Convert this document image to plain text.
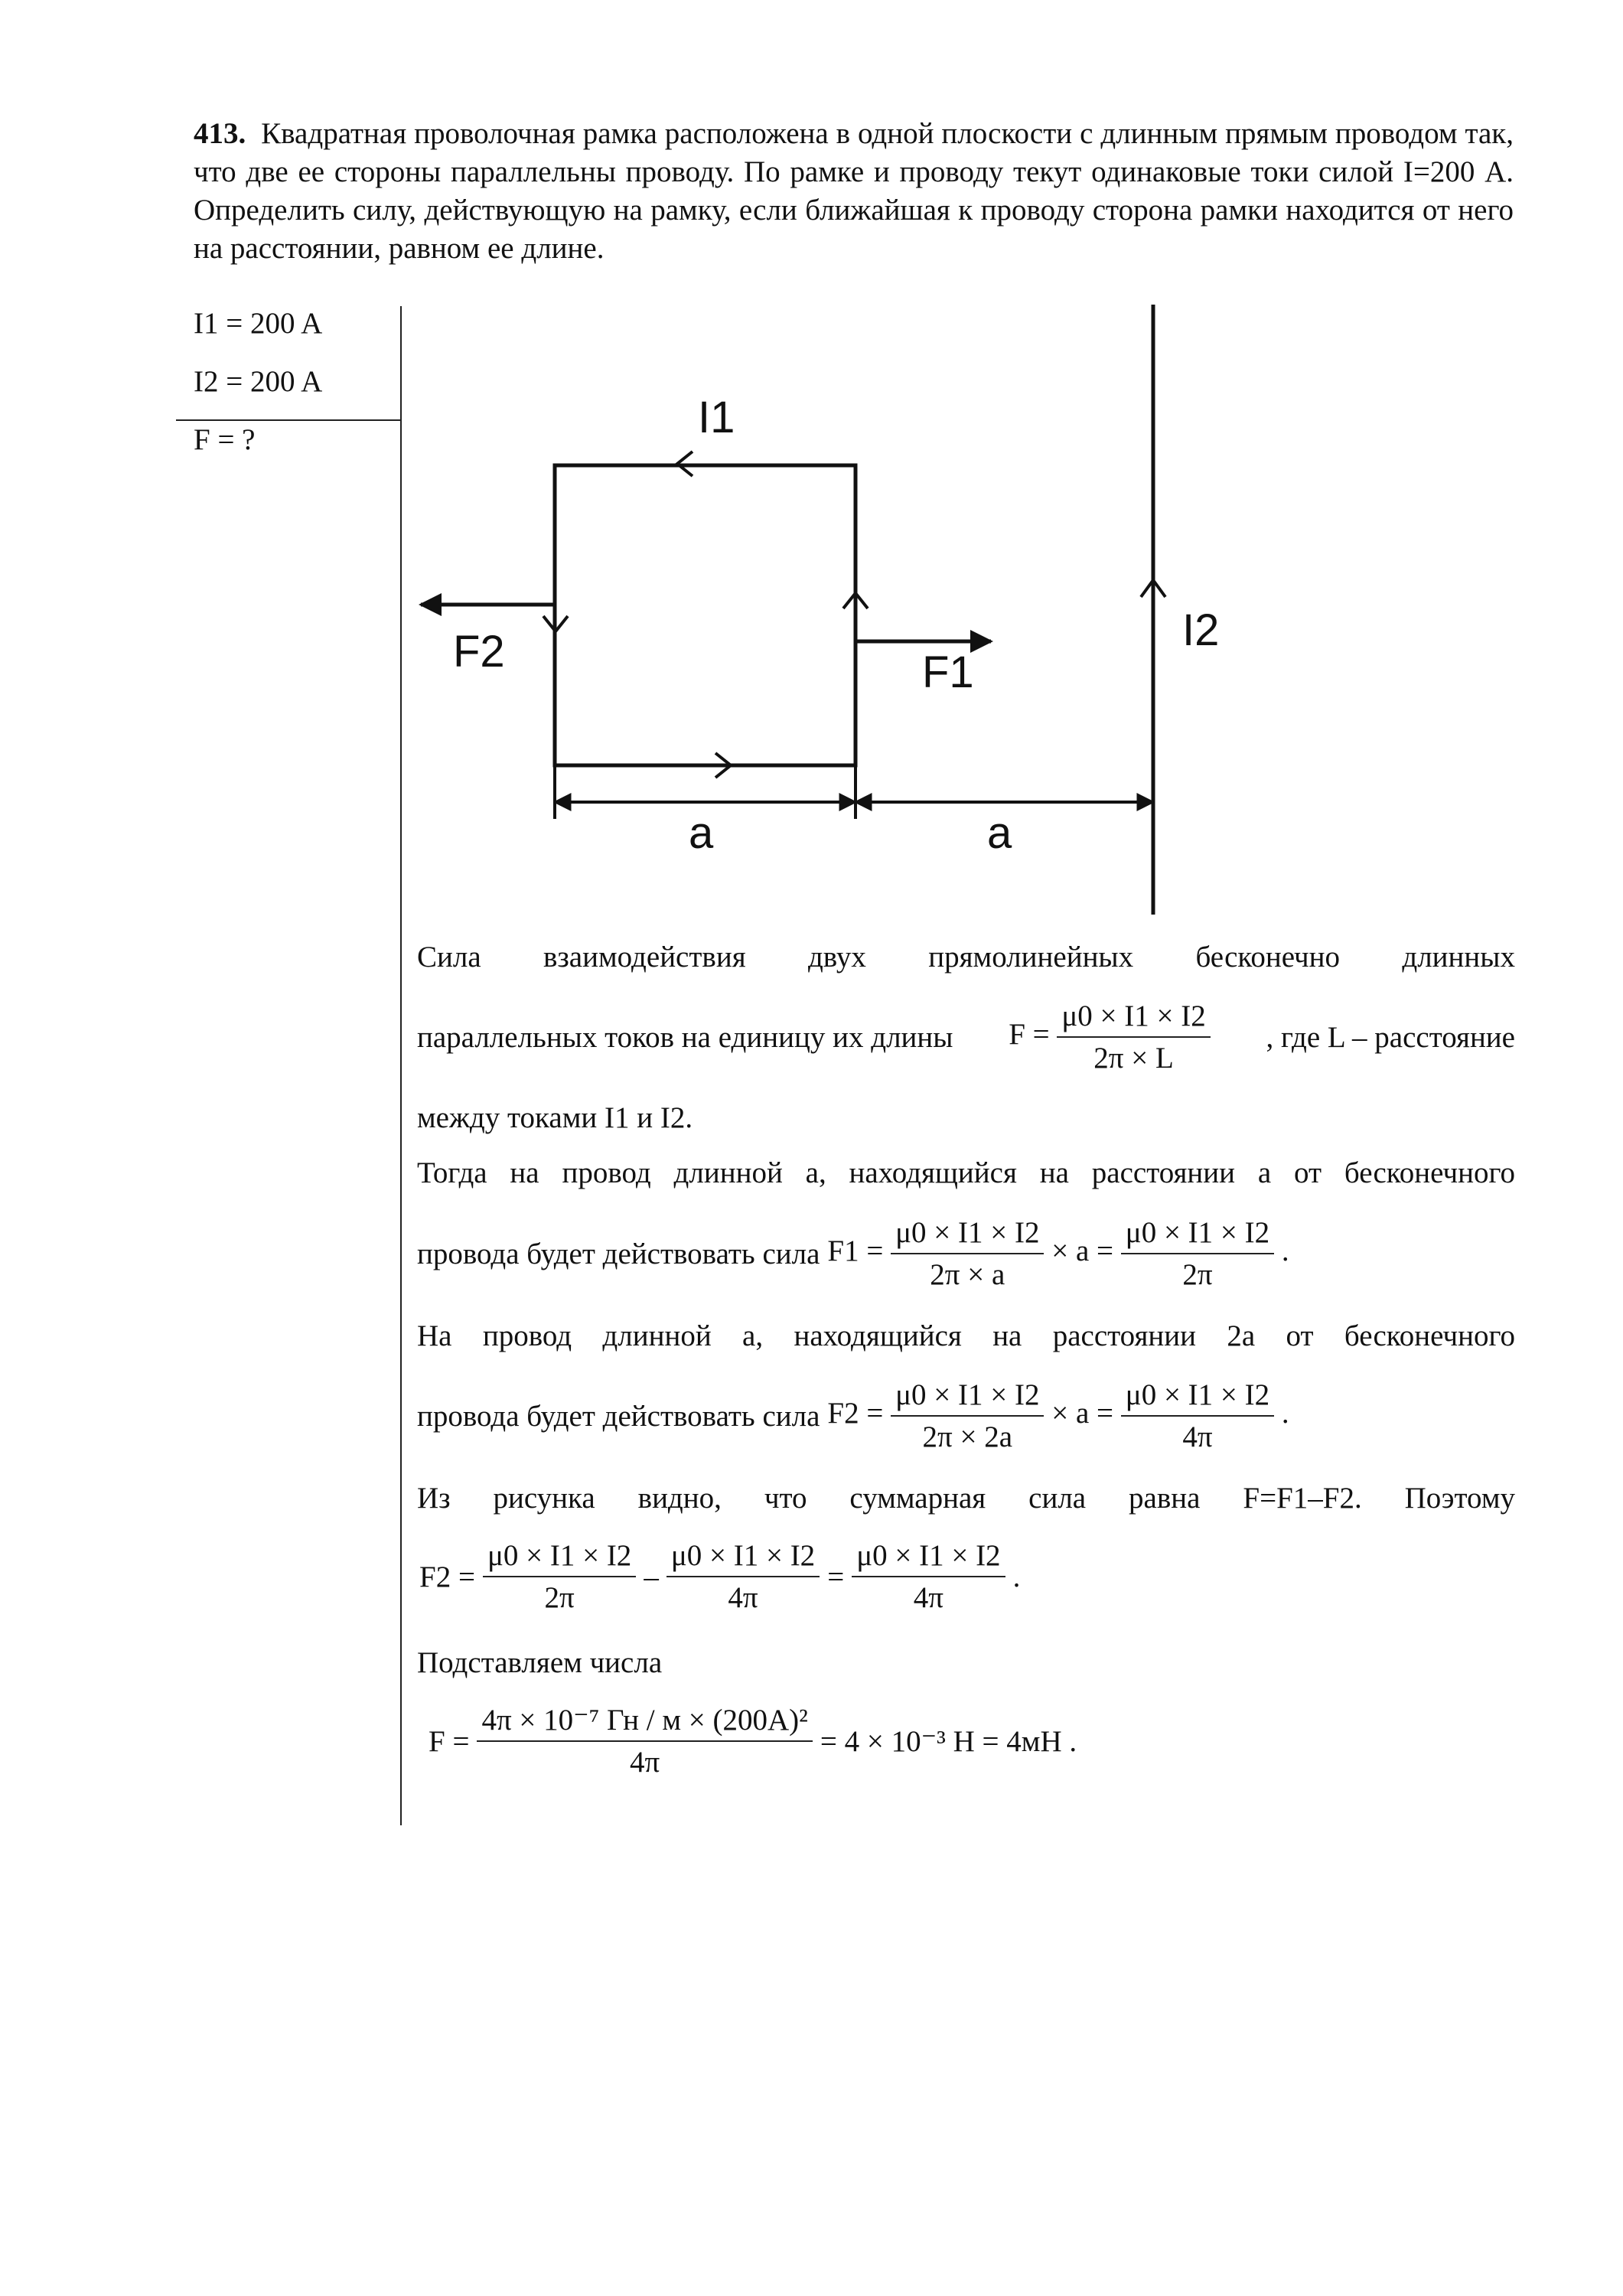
413. Квадратная проволочная рамка расположена в одной плоскости с длинным прямым проводом так, что две ее стороны параллельны проводу. По рамке и проводу текут одинаковые токи силой I=200 А. Определить силу, действующую на рамку, если ближайшая к проводу сторона рамки находится от него на расстоянии, равном ее длине.
I1 = 200 A
I2 = 200 A
F = ?	I1
I2
F2	F1
a	a
Сила взаимодействия двух прямолинейных бесконечно длинных
параллельных токов на единицу их длины $F = \frac{\mu 0 \times I1 \times I2}{2\pi \times L}$ , где L – расстояние
между токами I1 и I2.
Тогда на провод длинной а, находящийся на расстоянии а от бесконечного
провода будет действовать сила $F1 = \frac{\mu 0 \times I1 \times I2}{2\pi \times a} \times a = \frac{\mu 0 \times I1 \times I2}{2\pi}$ .
На провод длинной а, находящийся на расстоянии 2а от бесконечного
провода будет действовать сила $F2 = \frac{\mu 0 \times I1 \times I2}{2\pi \times 2a} \times a = \frac{\mu 0 \times I1 \times I2}{4\pi}$ .
Из рисунка видно, что суммарная сила равна F=F1–F2. Поэтому
$F2 = \frac{\mu 0 \times I1 \times I2}{2\pi} - \frac{\mu 0 \times I1 \times I2}{4\pi} = \frac{\mu 0 \times I1 \times I2}{4\pi}$ .
Подставляем числа
$F = \frac{\text{4π × 10⁻⁷ Гн / м × (200А)²}}{4\pi} = 4 \times 10^{-3}$ Н = 4мН .
